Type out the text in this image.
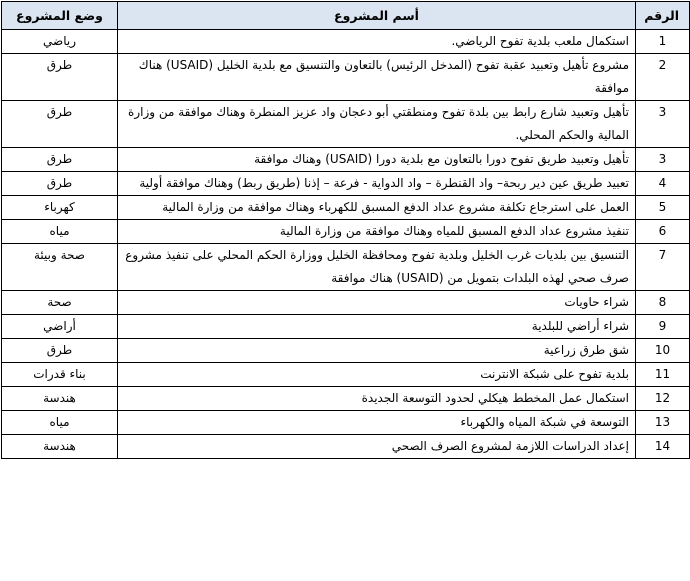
الرقم	أسم المشروع	وضع المشروع
1	استكمال ملعب بلدية تفوح الرياضي.	رياضي
2	مشروع تأهيل وتعبيد عقبة تفوح (المدخل الرئيس) بالتعاون والتنسيق مع بلدية الخليل (USAID) هناك موافقة	طرق
3	تأهيل وتعبيد شارع رابط بين بلدة تفوح ومنطقتي أبو دعجان واد عزيز المنطرة وهناك موافقة من وزارة المالية والحكم المحلي.	طرق
3	تأهيل وتعبيد طريق تفوح دورا بالتعاون مع بلدية دورا (USAID) وهناك موافقة	طرق
4	تعبيد طريق عين دير ربحة– واد القنطرة – واد الدواية - فرعة – إذنا (طريق ربط) وهناك موافقة أولية	طرق
5	العمل على استرجاع تكلفة مشروع عداد الدفع المسبق للكهرباء وهناك موافقة من وزارة المالية	كهرباء
6	تنفيذ مشروع عداد الدفع المسبق للمياه وهناك موافقة من وزارة المالية	مياه
7	التنسيق بين بلديات غرب الخليل وبلدية تفوح ومحافظة الخليل ووزارة الحكم المحلي على تنفيذ مشروع صرف صحي لهذه البلدات بتمويل من (USAID) هناك موافقة	صحة وبيئة
8	شراء حاويات	صحة
9	شراء أراضي للبلدية	أراضي
10	شق طرق زراعية	طرق
11	بلدية تفوح على شبكة الانترنت	بناء قدرات
12	استكمال عمل المخطط هيكلي لحدود التوسعة الجديدة	هندسة
13	التوسعة في شبكة المياه والكهرباء	مياه
14	إعداد الدراسات اللازمة لمشروع الصرف الصحي	هندسة
